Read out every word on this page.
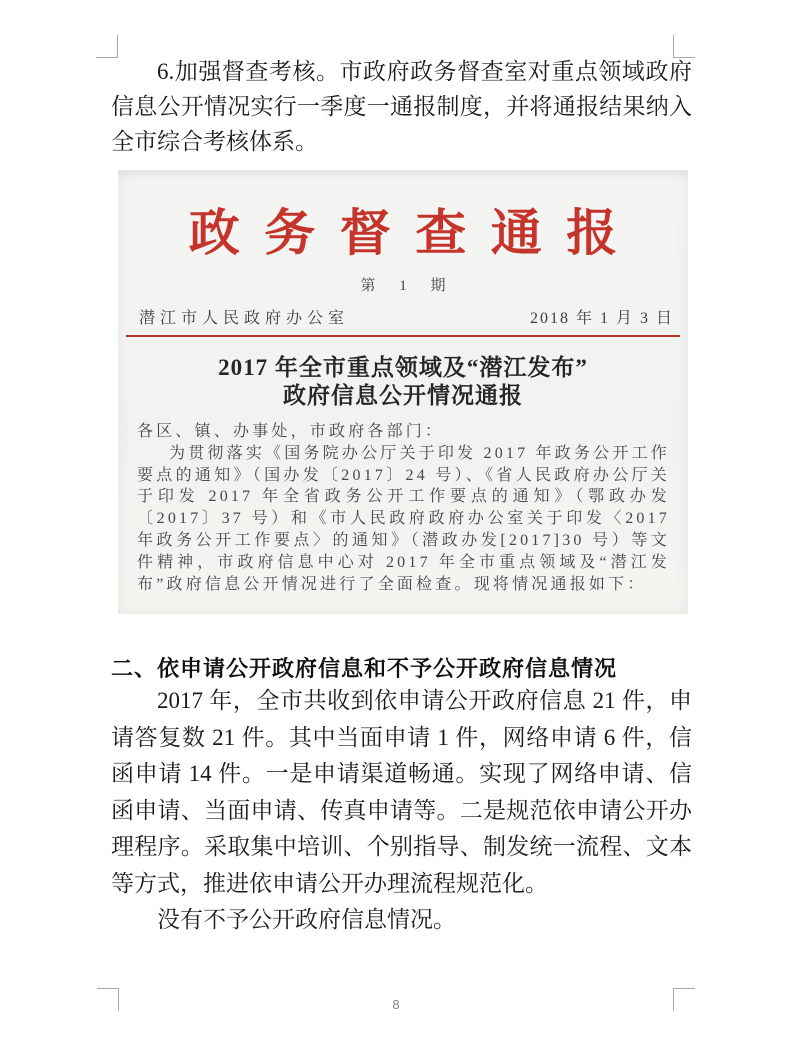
6.加强督查考核。市政府政务督查室对重点领域政府信息公开情况实行一季度一通报制度，并将通报结果纳入全市综合考核体系。

政务督查通报
第 1 期
潜江市人民政府办公室	2018 年 1 月 3 日
2017 年全市重点领域及“潜江发布”
政府信息公开情况通报
各区、镇、办事处，市政府各部门：
为贯彻落实《国务院办公厅关于印发 2017 年政务公开工作要点的通知》（国办发〔2017〕24 号）、《省人民政府办公厅关于印发 2017 年全省政务公开工作要点的通知》（鄂政办发〔2017〕37 号）和《市人民政府政府办公室关于印发〈2017 年政务公开工作要点〉的通知》（潜政办发[2017]30 号）等文件精神，市政府信息中心对 2017 年全市重点领域及“潜江发布”政府信息公开情况进行了全面检查。现将情况通报如下：
二、依申请公开政府信息和不予公开政府信息情况

2017 年，全市共收到依申请公开政府信息 21 件，申请答复数 21 件。其中当面申请 1 件，网络申请 6 件，信函申请 14 件。一是申请渠道畅通。实现了网络申请、信函申请、当面申请、传真申请等。二是规范依申请公开办理程序。采取集中培训、个别指导、制发统一流程、文本等方式，推进依申请公开办理流程规范化。

没有不予公开政府信息情况。

8
